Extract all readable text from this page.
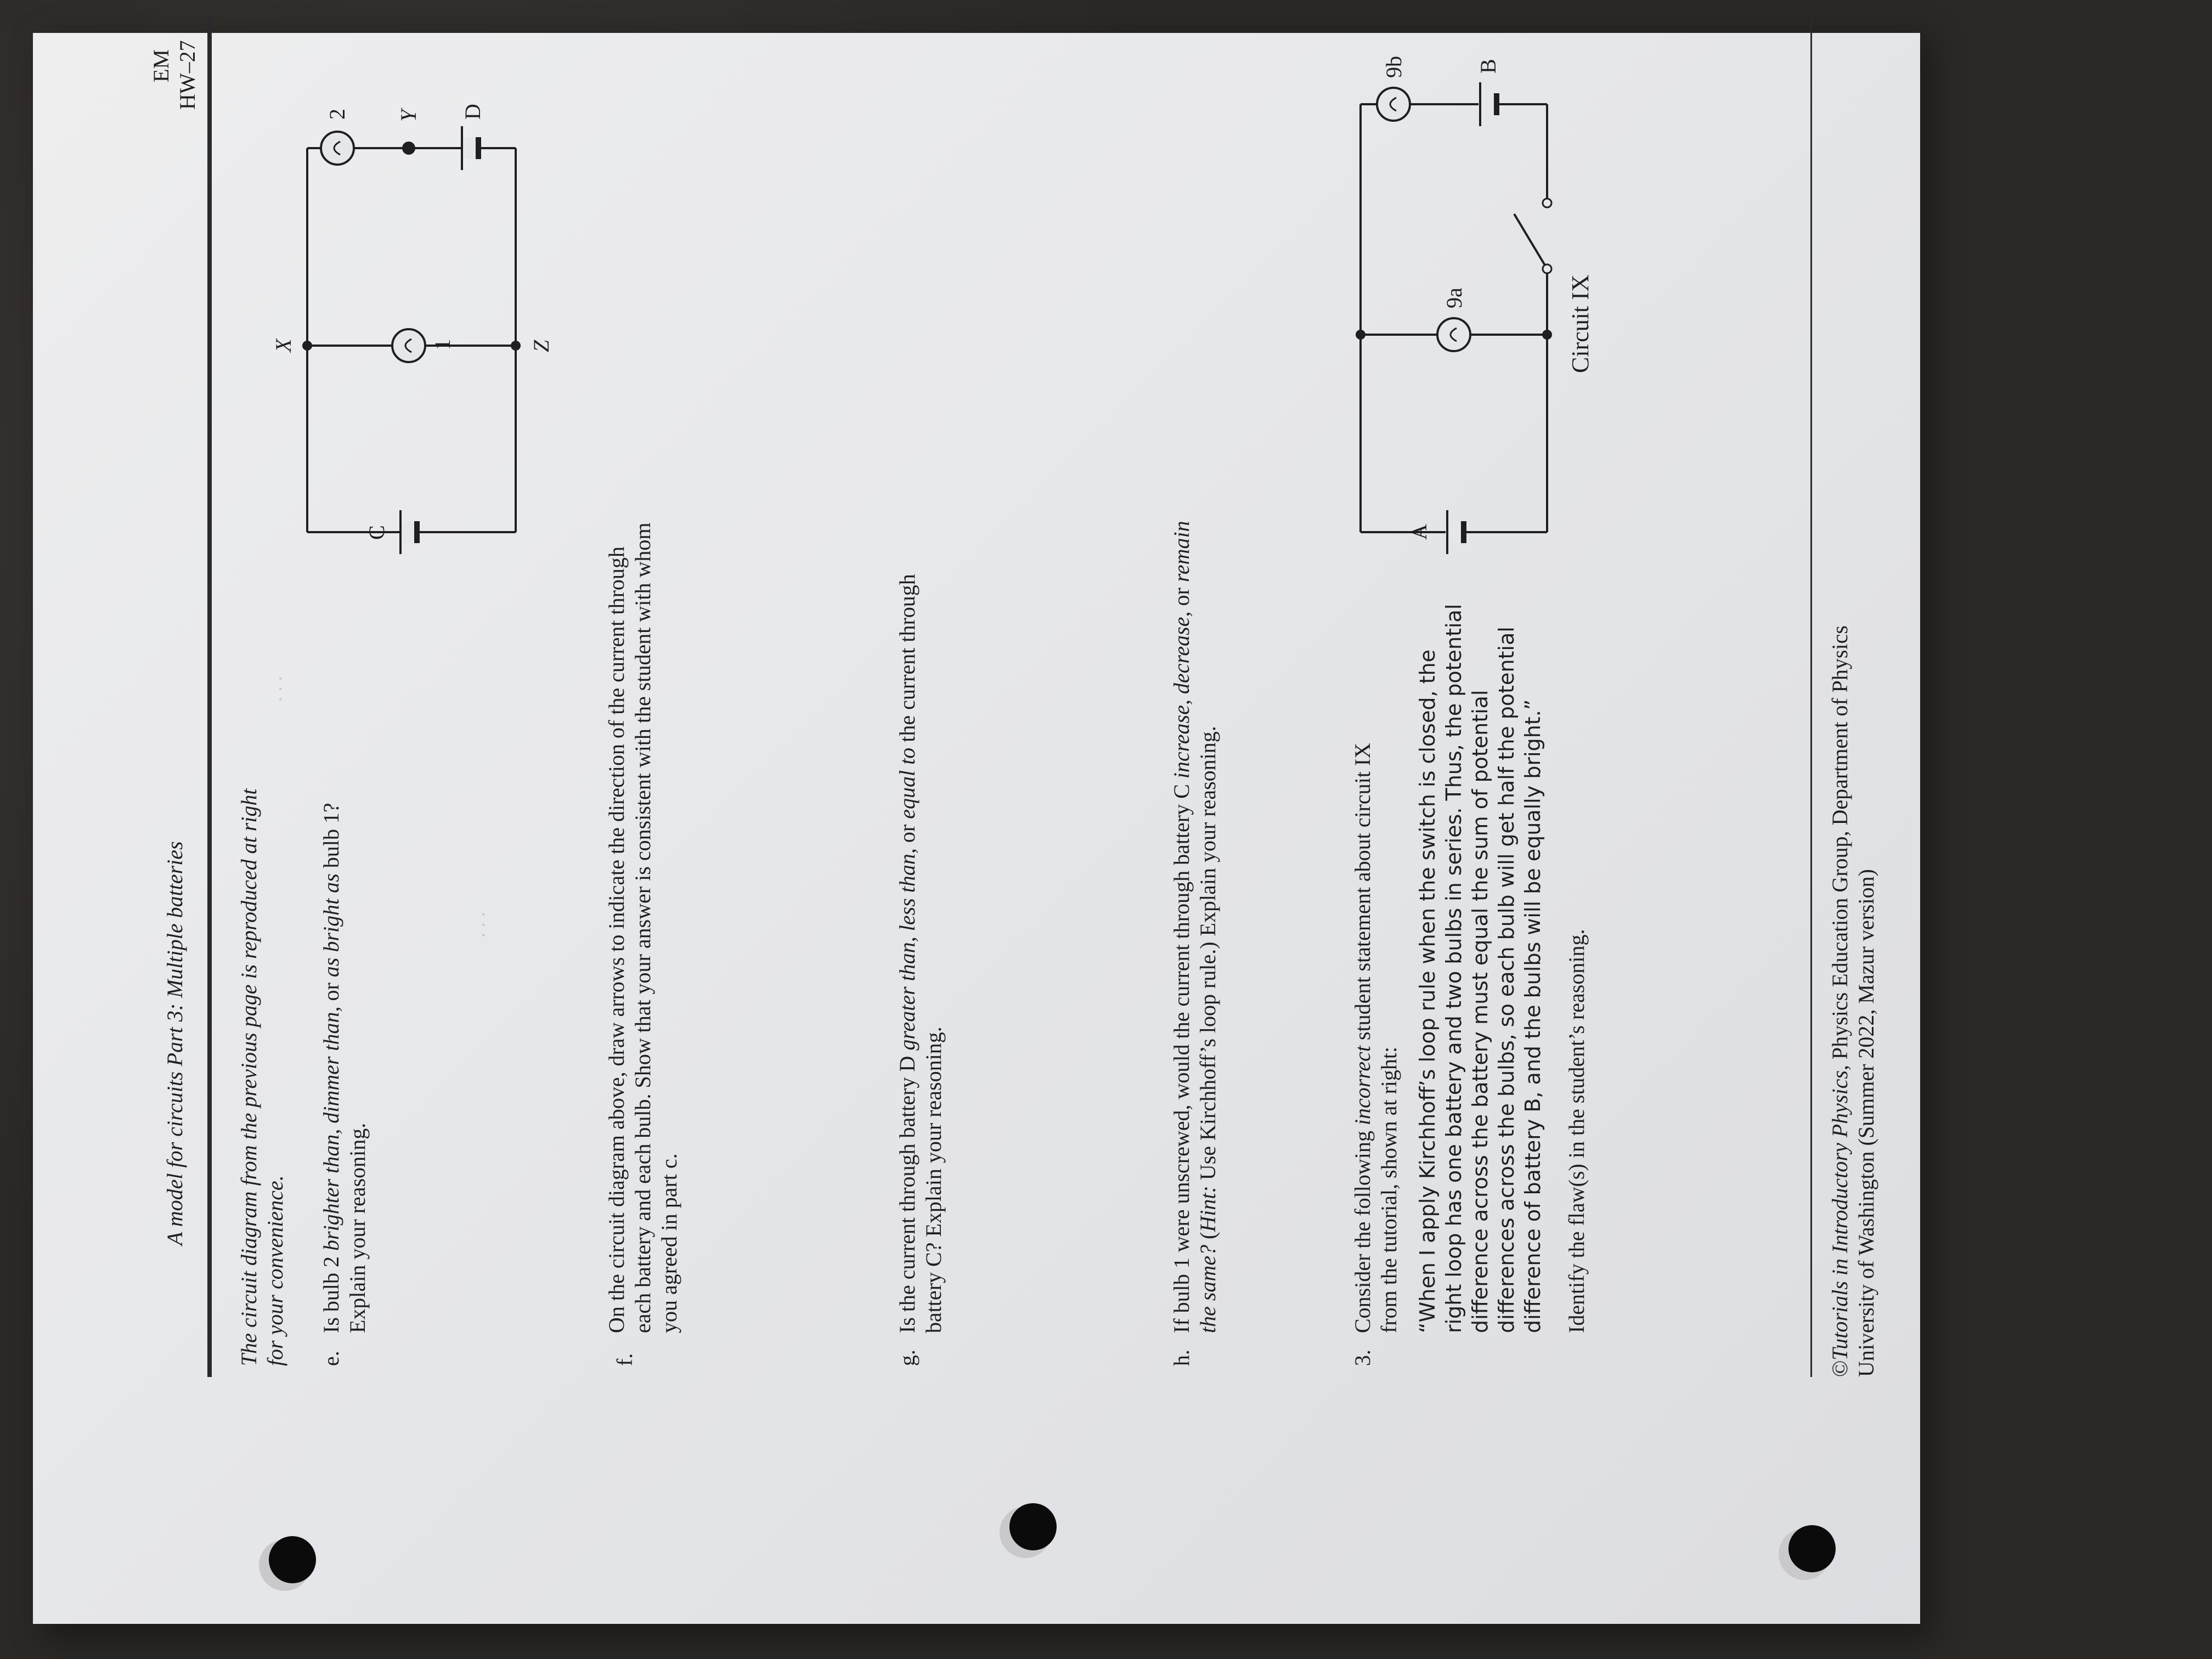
A model for circuits Part 3: Multiple batteries
EM HW–27
The circuit diagram from the previous page is reproduced at right for your convenience.
· · ·
· · ·
e.
Is bulb 2 brighter than, dimmer than, or as bright as bulb 1?
Explain your reasoning.
X
Y
Z
1
2
C
D
f.
On the circuit diagram above, draw arrows to indicate the direction of the current through each battery and each bulb. Show that your answer is consistent with the student with whom you agreed in part c.
g.
Is the current through battery D greater than, less than, or equal to the current through
battery C? Explain your reasoning.
h.
If bulb 1 were unscrewed, would the current through battery C increase, decrease, or remain
the same? (Hint: Use Kirchhoff’s loop rule.) Explain your reasoning.
3.
Consider the following incorrect student statement about circuit IX
from the tutorial, shown at right: “When I apply Kirchhoff’s loop rule when the switch is closed, the right loop has one battery and two bulbs in series. Thus, the potential difference across the battery must equal the sum of potential differences across the bulbs, so each bulb will get half the potential difference of battery B, and the bulbs will be equally bright.” Identify the flaw(s) in the student’s reasoning.
A
9a
9b	B
Circuit IX
©Tutorials in Introductory Physics, Physics Education Group, Department of Physics
University of Washington (Summer 2022, Mazur version)
